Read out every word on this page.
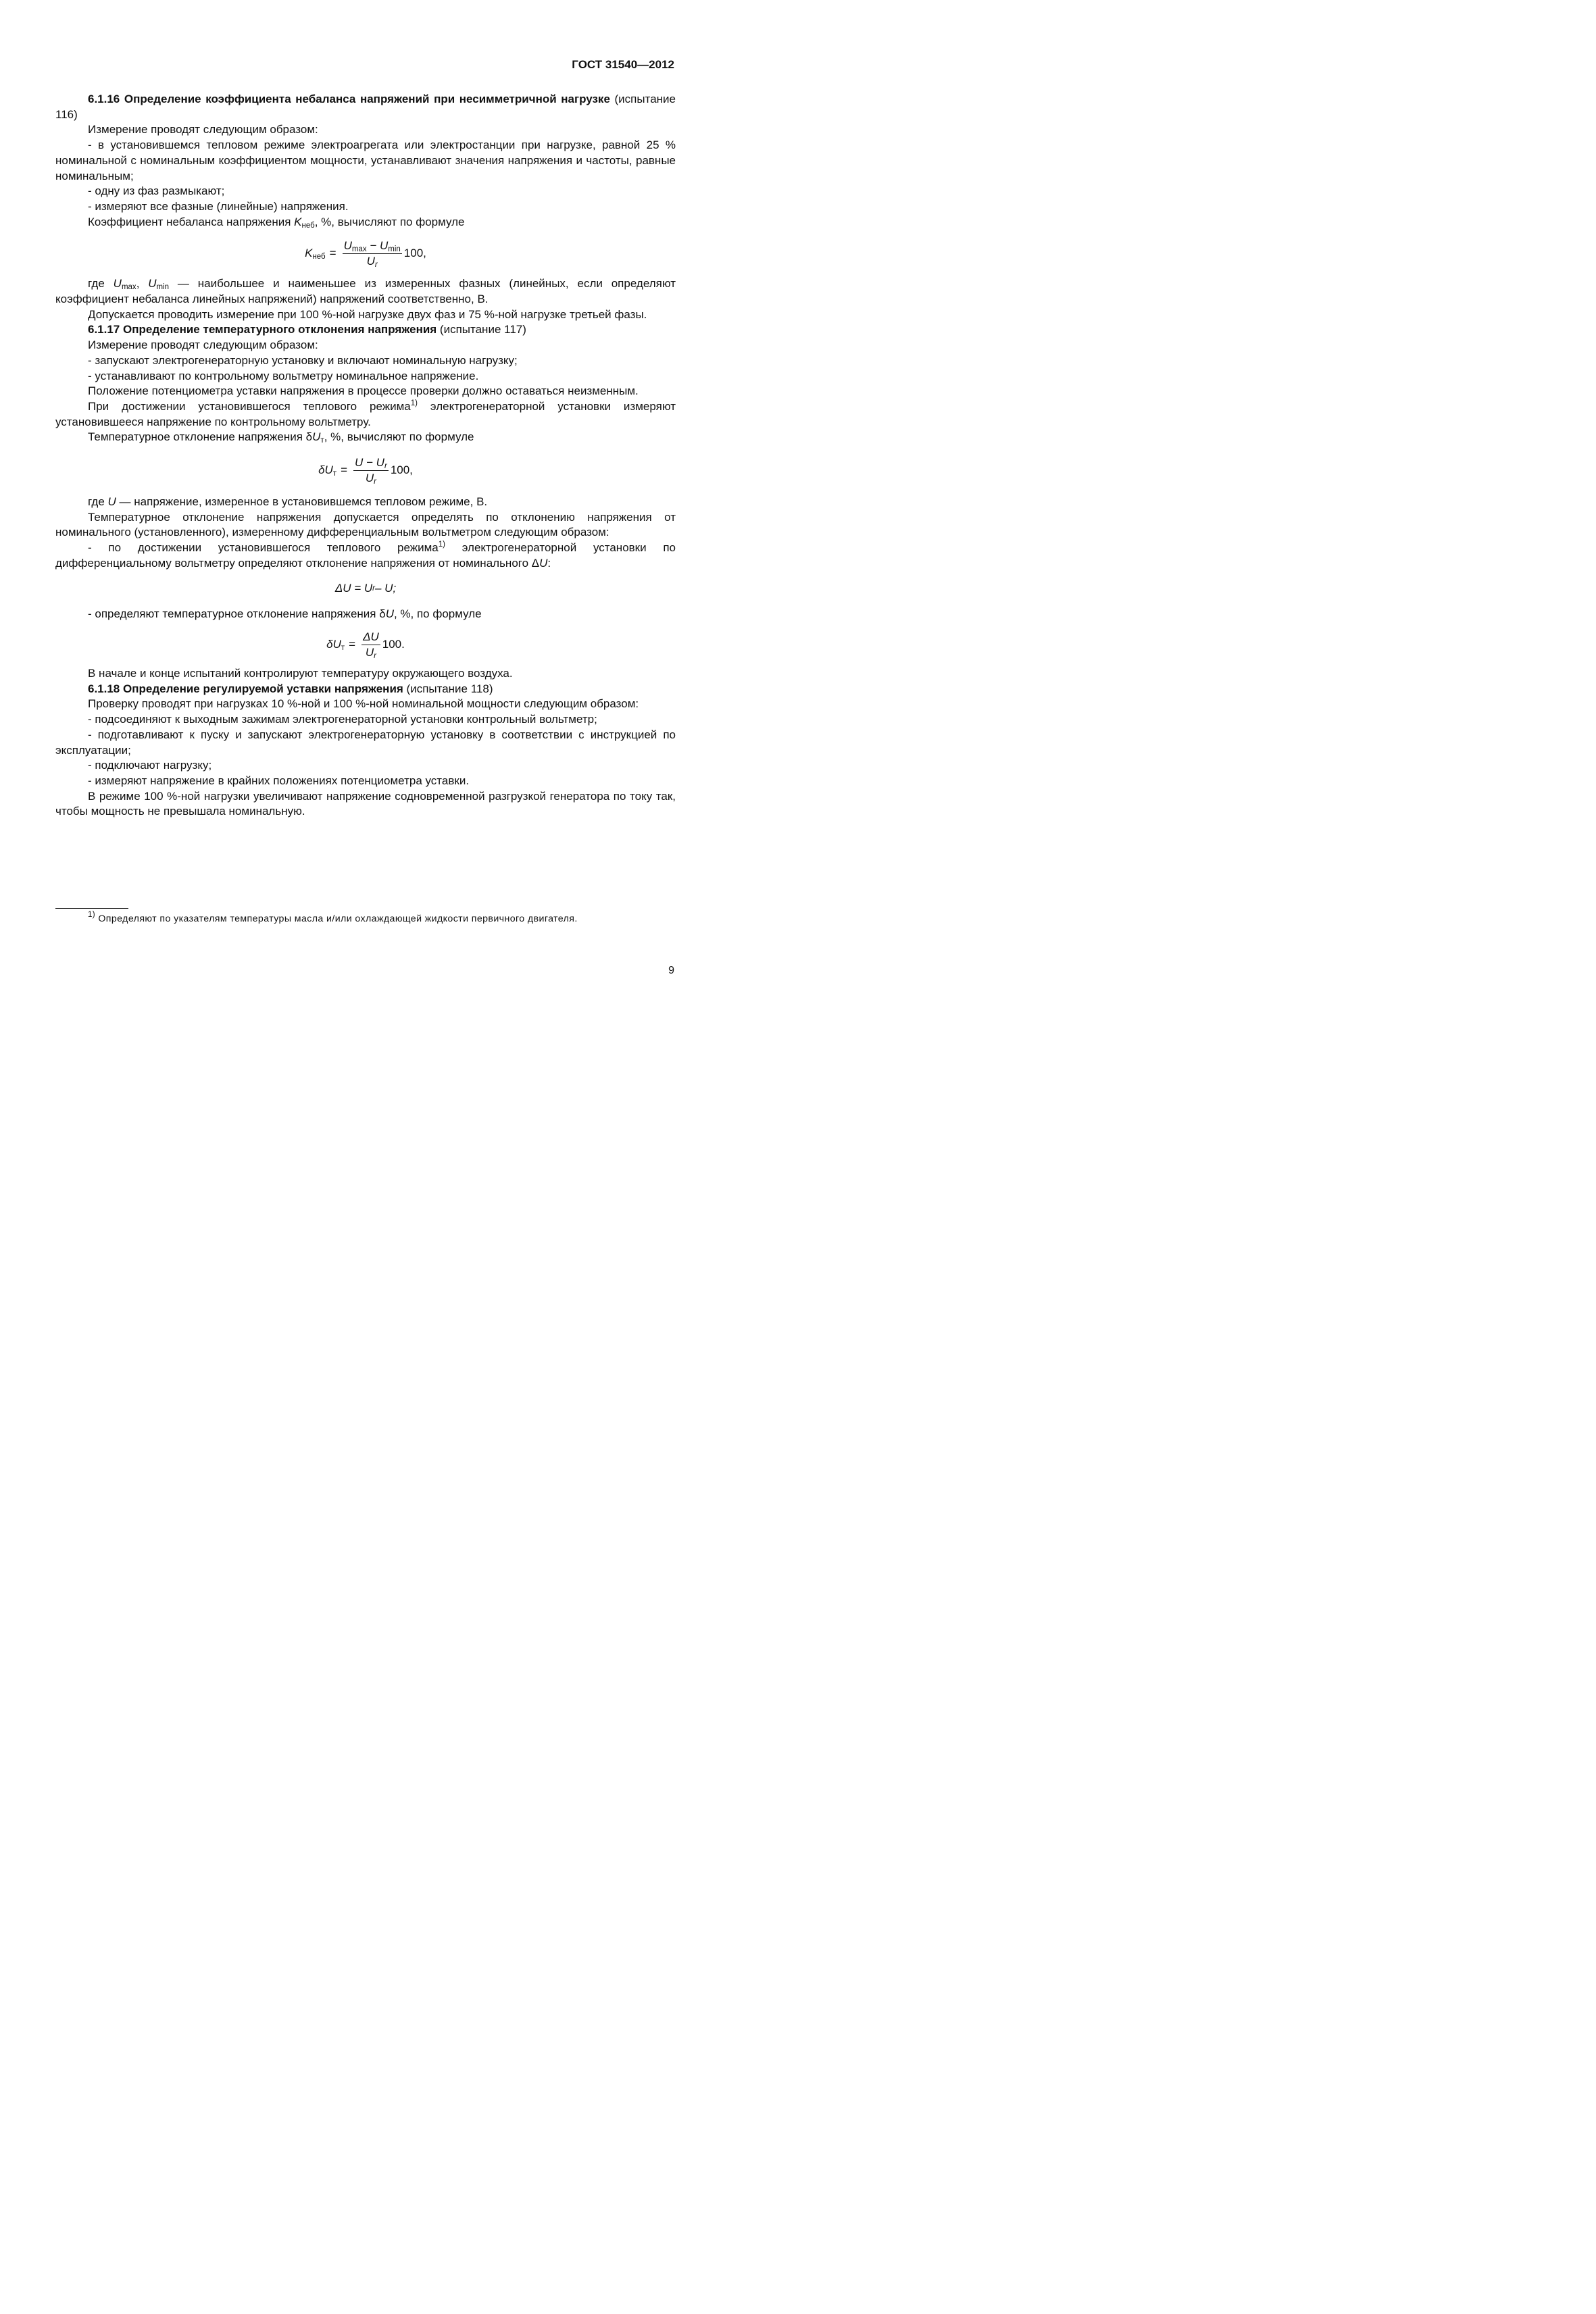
ГОСТ 31540—2012

6.1.16 Определение коэффициента небаланса напряжений при несимметричной нагрузке (испытание 116)

Измерение проводят следующим образом:

- в установившемся тепловом режиме электроагрегата или электростанции при нагрузке, равной 25 % номинальной с номинальным коэффициентом мощности, устанавливают значения напряжения и частоты, равные номинальным;

- одну из фаз размыкают;

- измеряют все фазные (линейные) напряжения.

Коэффициент небаланса напряжения $K_{неб}$, %, вычисляют по формуле

$K_{неб} = \frac{U_{max} - U_{min}}{U_r} 100$,

где $U_{max}$, $U_{min}$ — наибольшее и наименьшее из измеренных фазных (линейных, если определяют коэффициент небаланса линейных напряжений) напряжений соответственно, В.

Допускается проводить измерение при 100 %-ной нагрузке двух фаз и 75 %-ной нагрузке третьей фазы.

6.1.17 Определение температурного отклонения напряжения (испытание 117)

Измерение проводят следующим образом:

- запускают электрогенераторную установку и включают номинальную нагрузку;

- устанавливают по контрольному вольтметру номинальное напряжение.

Положение потенциометра уставки напряжения в процессе проверки должно оставаться неизменным.

При достижении установившегося теплового режима$^{1)}$ электрогенераторной установки измеряют установившееся напряжение по контрольному вольтметру.

Температурное отклонение напряжения $\delta U_т$, %, вычисляют по формуле

$\delta U_т = \frac{U - U_r}{U_r} 100$,

где U — напряжение, измеренное в установившемся тепловом режиме, В.

Температурное отклонение напряжения допускается определять по отклонению напряжения от номинального (установленного), измеренному дифференциальным вольтметром следующим образом:

- по достижении установившегося теплового режима$^{1)}$ электрогенераторной установки по дифференциальному вольтметру определяют отклонение напряжения от номинального ΔU:

ΔU = U r – U;

- определяют температурное отклонение напряжения δU, %, по формуле

$\delta U_т = \frac{\Delta U}{U_r} 100$.

В начале и конце испытаний контролируют температуру окружающего воздуха.

6.1.18 Определение регулируемой уставки напряжения (испытание 118)

Проверку проводят при нагрузках 10 %-ной и 100 %-ной номинальной мощности следующим образом:

- подсоединяют к выходным зажимам электрогенераторной установки контрольный вольтметр;

- подготавливают к пуску и запускают электрогенераторную установку в соответствии с инструкцией по эксплуатации;

- подключают нагрузку;

- измеряют напряжение в крайних положениях потенциометра уставки.

В режиме 100 %-ной нагрузки увеличивают напряжение содновременной разгрузкой генератора по току так, чтобы мощность не превышала номинальную.

$^{1)}$ Определяют по указателям температуры масла и/или охлаждающей жидкости первичного двигателя.
9
